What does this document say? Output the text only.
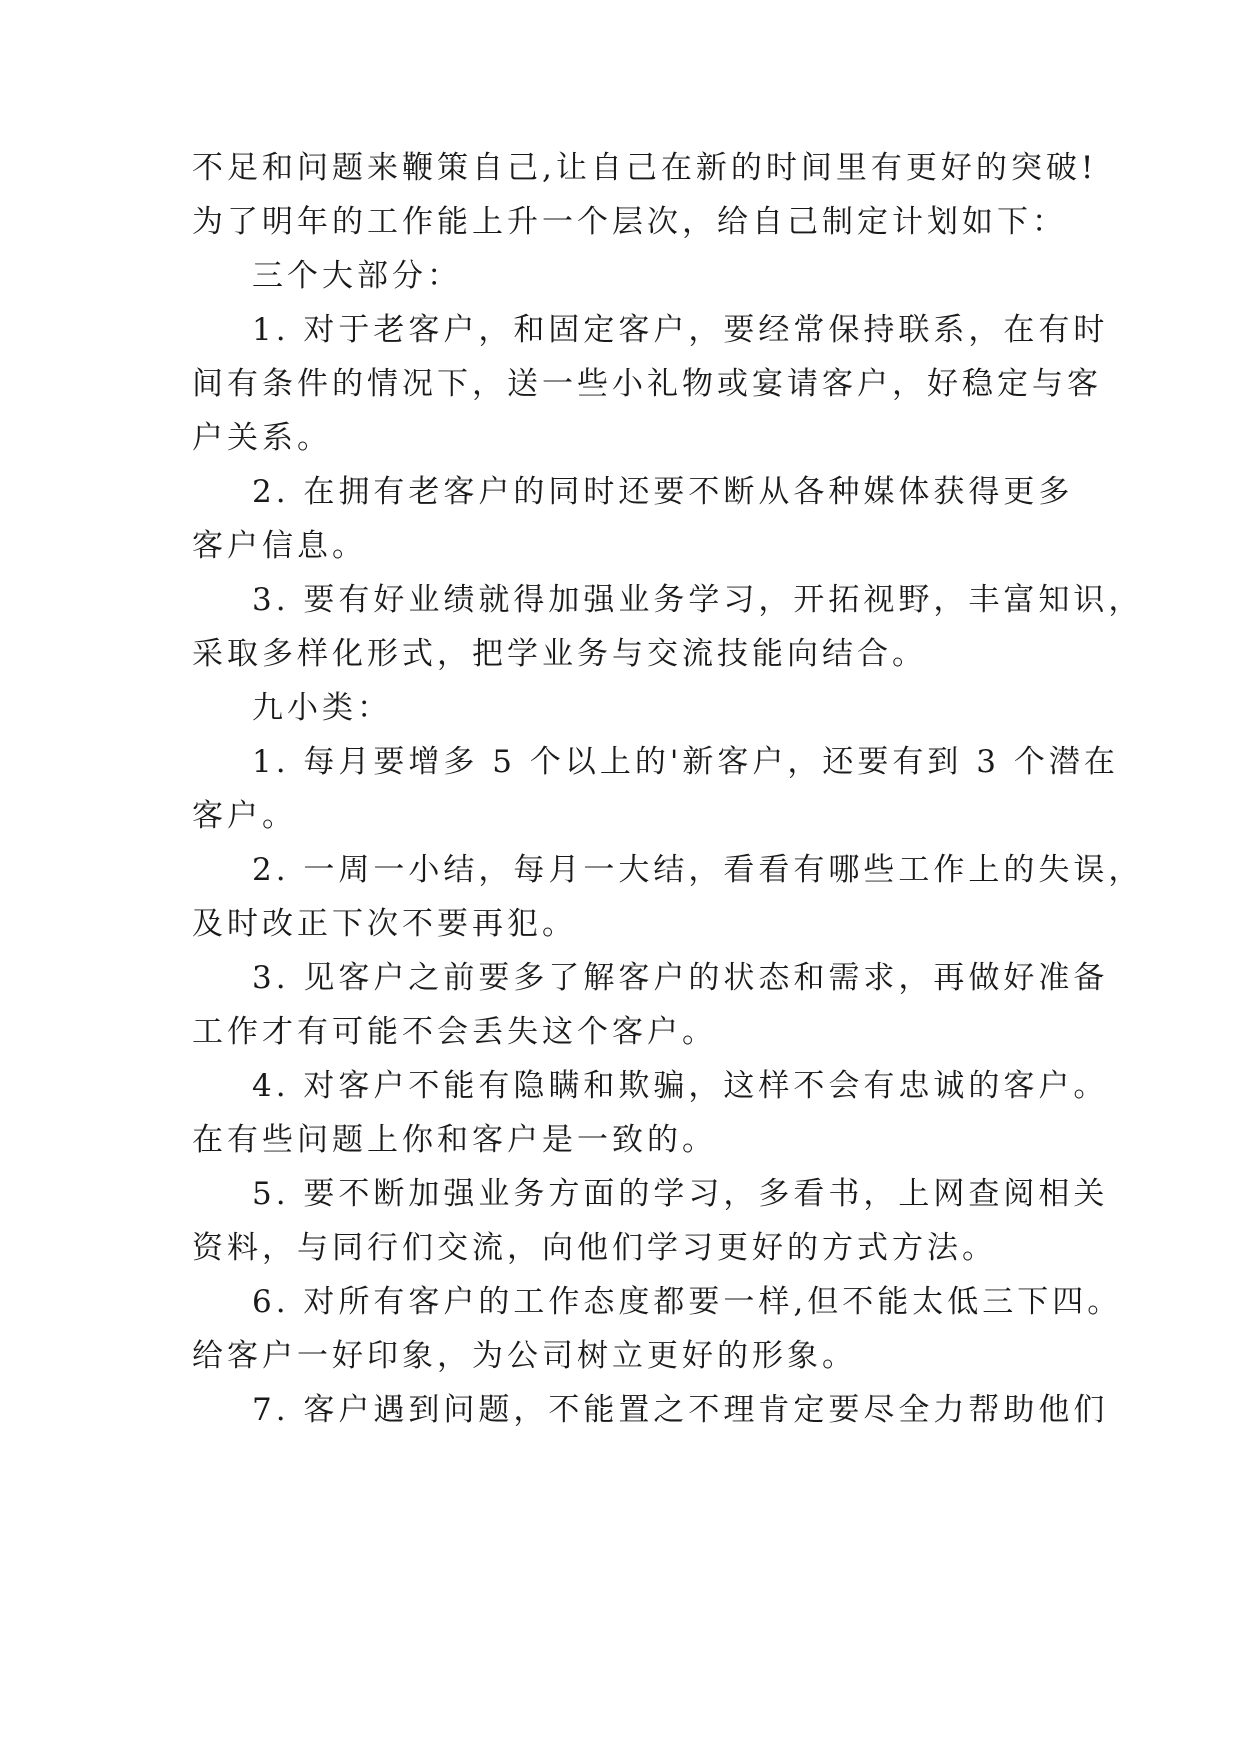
不足和问题来鞭策自己,让自己在新的时间里有更好的突破!
为了明年的工作能上升一个层次，给自己制定计划如下：
三个大部分：
1. 对于老客户，和固定客户，要经常保持联系，在有时
间有条件的情况下，送一些小礼物或宴请客户，好稳定与客
户关系。
2. 在拥有老客户的同时还要不断从各种媒体获得更多
客户信息。
3. 要有好业绩就得加强业务学习，开拓视野，丰富知识，
采取多样化形式，把学业务与交流技能向结合。
九小类：
1. 每月要增多 5 个以上的'新客户，还要有到 3 个潜在
客户。
2. 一周一小结，每月一大结，看看有哪些工作上的失误，
及时改正下次不要再犯。
3. 见客户之前要多了解客户的状态和需求，再做好准备
工作才有可能不会丢失这个客户。
4. 对客户不能有隐瞒和欺骗，这样不会有忠诚的客户。
在有些问题上你和客户是一致的。
5. 要不断加强业务方面的学习，多看书，上网查阅相关
资料，与同行们交流，向他们学习更好的方式方法。
6. 对所有客户的工作态度都要一样,但不能太低三下四。
给客户一好印象，为公司树立更好的形象。
7. 客户遇到问题，不能置之不理肯定要尽全力帮助他们
